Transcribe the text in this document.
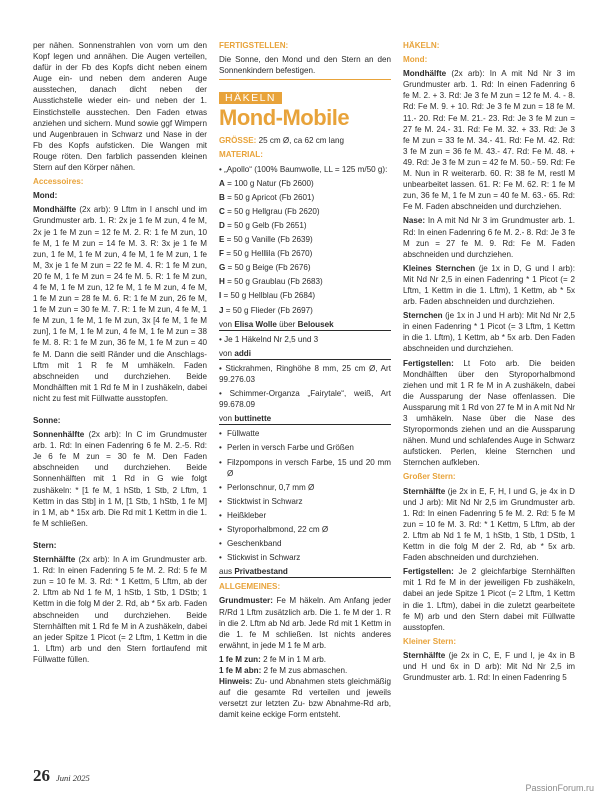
per nähen. Sonnenstrahlen von vorn um den Kopf legen und annähen. Die Augen verteilen, dafür in der Fb des Kopfs dicht neben einem Auge ein- und neben dem anderen Auge ausstechen, danach dicht neben der Ausstichstelle wieder ein- und neben der 1. Einstichstelle ausstechen. Den Faden etwas anziehen und sichern. Mund sowie ggf Wimpern und Augenbrauen in Schwarz und Nase in der Fb des Kopfs aufsticken. Die Wangen mit Rouge röten. Den farblich passenden kleinen Stern auf den Körper nähen.

Accessoires:

Mond:

Mondhälfte (2x arb): 9 Lftm in I anschl und im Grundmuster arb. 1. R: 2x je 1 fe M zun, 4 fe M, 2x je 1 fe M zun = 12 fe M. 2. R: 1 fe M zun, 10 fe M, 1 fe M zun = 14 fe M. 3. R: 3x je 1 fe M zun, 1 fe M, 1 fe M zun, 4 fe M, 1 fe M zun, 1 fe M, 3x je 1 fe M zun = 22 fe M. 4. R: 1 fe M zun, 20 fe M, 1 fe M zun = 24 fe M. 5. R: 1 fe M zun, 4 fe M, 1 fe M zun, 12 fe M, 1 fe M zun, 4 fe M, 1 fe M zun = 28 fe M. 6. R: 1 fe M zun, 26 fe M, 1 fe M zun = 30 fe M. 7. R: 1 fe M zun, 4 fe M, 1 fe M zun, 1 fe M, 1 fe M zun, 3x [4 fe M, 1 fe M zun], 1 fe M, 1 fe M zun, 4 fe M, 1 fe M zun = 38 fe M. 8. R: 1 fe M zun, 36 fe M, 1 fe M zun = 40 fe M. Dann die seitl Ränder und die Anschlags-Lftm mit 1 R fe M umhäkeln. Faden abschneiden und durchziehen. Beide Mondhälften mit 1 Rd fe M in I zushäkeln, dabei nicht zu fest mit Füllwatte ausstopfen.

Sonne:

Sonnenhälfte (2x arb): In C im Grundmuster arb. 1. Rd: In einen Fadenring 6 fe M. 2.-5. Rd: Je 6 fe M zun = 30 fe M. Den Faden abschneiden und durchziehen. Beide Sonnenhälften mit 1 Rd in G wie folgt zushäkeln: * [1 fe M, 1 hStb, 1 Stb, 2 Lftm, 1 Kettm in das Stb] in 1 M, [1 Stb, 1 hStb, 1 fe M] in 1 M, ab * 15x arb. Die Rd mit 1 Kettm in die 1. fe M schließen.

Stern:

Sternhälfte (2x arb): In A im Grundmuster arb. 1. Rd: In einen Fadenring 5 fe M. 2. Rd: 5 fe M zun = 10 fe M. 3. Rd: * 1 Kettm, 5 Lftm, ab der 2. Lftm ab Nd 1 fe M, 1 hStb, 1 Stb, 1 DStb; 1 Kettm in die folg M der 2. Rd, ab * 5x arb. Faden abschneiden und durchziehen. Beide Sternhälften mit 1 Rd fe M in A zushäkeln, dabei an jeder Spitze 1 Picot (= 2 Lftm, 1 Kettm in die 1. Lftm) arb und den Stern fortlaufend mit Füllwatte füllen.

FERTIGSTELLEN:

Die Sonne, den Mond und den Stern an den Sonnenkindern befestigen.

HÄKELN
Mond-Mobile

GRÖSSE: 25 cm Ø, ca 62 cm lang

MATERIAL:

• „Apollo“ (100% Baumwolle, LL = 125 m/50 g):

A = 100 g Natur (Fb 2600)

B = 50 g Apricot (Fb 2601)

C = 50 g Hellgrau (Fb 2620)

D = 50 g Gelb (Fb 2651)

E = 50 g Vanille (Fb 2639)

F = 50 g Helllila (Fb 2670)

G = 50 g Beige (Fb 2676)

H = 50 g Graublau (Fb 2683)

I = 50 g Hellblau (Fb 2684)

J = 50 g Flieder (Fb 2697)

von Elisa Wolle über Belousek

• Je 1 Häkelnd Nr 2,5 und 3

von addi

• Stickrahmen, Ringhöhe 8 mm, 25 cm Ø, Art 99.276.03

• Schimmer-Organza „Fairytale“, weiß, Art 99.678.09

von buttinette

• Füllwatte

• Perlen in versch Farbe und Größen

• Filzpompons in versch Farbe, 15 und 20 mm Ø

• Perlonschnur, 0,7 mm Ø

• Sticktwist in Schwarz

• Heißkleber

• Styroporhalbmond, 22 cm Ø

• Geschenkband

• Stickwist in Schwarz

aus Privatbestand

ALLGEMEINES:

Grundmuster: Fe M häkeln. Am Anfang jeder R/Rd 1 Lftm zusätzlich arb. Die 1. fe M der 1. R in die 2. Lftm ab Nd arb. Jede Rd mit 1 Kettm in die 1. fe M schließen. Ist nichts anderes erwähnt, in jede M 1 fe M arb.

1 fe M zun: 2 fe M in 1 M arb.

1 fe M abn: 2 fe M zus abmaschen.

Hinweis: Zu- und Abnahmen stets gleichmäßig auf die gesamte Rd verteilen und jeweils versetzt zur letzten Zu- bzw Abnahme-Rd arb, damit keine eckige Form entsteht.

HÄKELN:

Mond:

Mondhälfte (2x arb): In A mit Nd Nr 3 im Grundmuster arb. 1. Rd: In einen Fadenring 6 fe M. 2. + 3. Rd: Je 3 fe M zun = 12 fe M. 4. - 8. Rd: Fe M. 9. + 10. Rd: Je 3 fe M zun = 18 fe M. 11.- 20. Rd: Fe M. 21.- 23. Rd: Je 3 fe M zun = 27 fe M. 24.- 31. Rd: Fe M. 32. + 33. Rd: Je 3 fe M zun = 33 fe M. 34.- 41. Rd: Fe M. 42. Rd: 3 fe M zun = 36 fe M. 43.- 47. Rd: Fe M. 48. + 49. Rd: Je 3 fe M zun = 42 fe M. 50.- 59. Rd: Fe M. Nun in R weiterarb. 60. R: 38 fe M, restl M unbearbeitet lassen. 61. R: Fe M. 62. R: 1 fe M zun, 36 fe M, 1 fe M zun = 40 fe M. 63.- 65. Rd: Fe M. Faden abschneiden und durchziehen.

Nase: In A mit Nd Nr 3 im Grundmuster arb. 1. Rd: In einen Fadenring 6 fe M. 2.- 8. Rd: Je 3 fe M zun = 27 fe M. 9. Rd: Fe M. Faden abschneiden und durchziehen.

Kleines Sternchen (je 1x in D, G und I arb): Mit Nd Nr 2,5 in einen Fadenring * 1 Picot (= 2 Lftm, 1 Kettm in die 1. Lftm), 1 Kettm, ab * 5x arb. Faden abschneiden und durchziehen.

Sternchen (je 1x in J und H arb): Mit Nd Nr 2,5 in einen Fadenring * 1 Picot (= 3 Lftm, 1 Kettm in die 1. Lftm), 1 Kettm, ab * 5x arb. Den Faden abschneiden und durchziehen.

Fertigstellen: Lt Foto arb. Die beiden Mondhälften über den Styroporhalbmond ziehen und mit 1 R fe M in A zushäkeln, dabei die Aussparung der Nase offenlassen. Die Aussparung mit 1 Rd von 27 fe M in A mit Nd Nr 3 umhäkeln. Nase über die Nase des Styropormonds ziehen und an die Aussparung nähen. Mund und schlafendes Auge in Schwarz aufsticken. Perlen, kleine Sternchen und Sternchen aufkleben.

Großer Stern:

Sternhälfte (je 2x in E, F, H, I und G, je 4x in D und J arb): Mit Nd Nr 2,5 im Grundmuster arb. 1. Rd: In einen Fadenring 5 fe M. 2. Rd: 5 fe M zun = 10 fe M. 3. Rd: * 1 Kettm, 5 Lftm, ab der 2. Lftm ab Nd 1 fe M, 1 hStb, 1 Stb, 1 DStb, 1 Kettm in die folg M der 2. Rd, ab * 5x arb. Faden abschneiden und durchziehen.

Fertigstellen: Je 2 gleichfarbige Sternhälften mit 1 Rd fe M in der jeweiligen Fb zushäkeln, dabei an jede Spitze 1 Picot (= 2 Lftm, 1 Kettm in die 1. Lftm), dabei in die zuletzt gearbeitete fe M) arb und den Stern dabei mit Füllwatte ausstopfen.

Kleiner Stern:

Sternhälfte (je 2x in C, E, F und I, je 4x in B und H und 6x in D arb): Mit Nd Nr 2,5 im Grundmuster arb. 1. Rd: In einen Fadenring 5

26 Juni 2025
PassionForum.ru
